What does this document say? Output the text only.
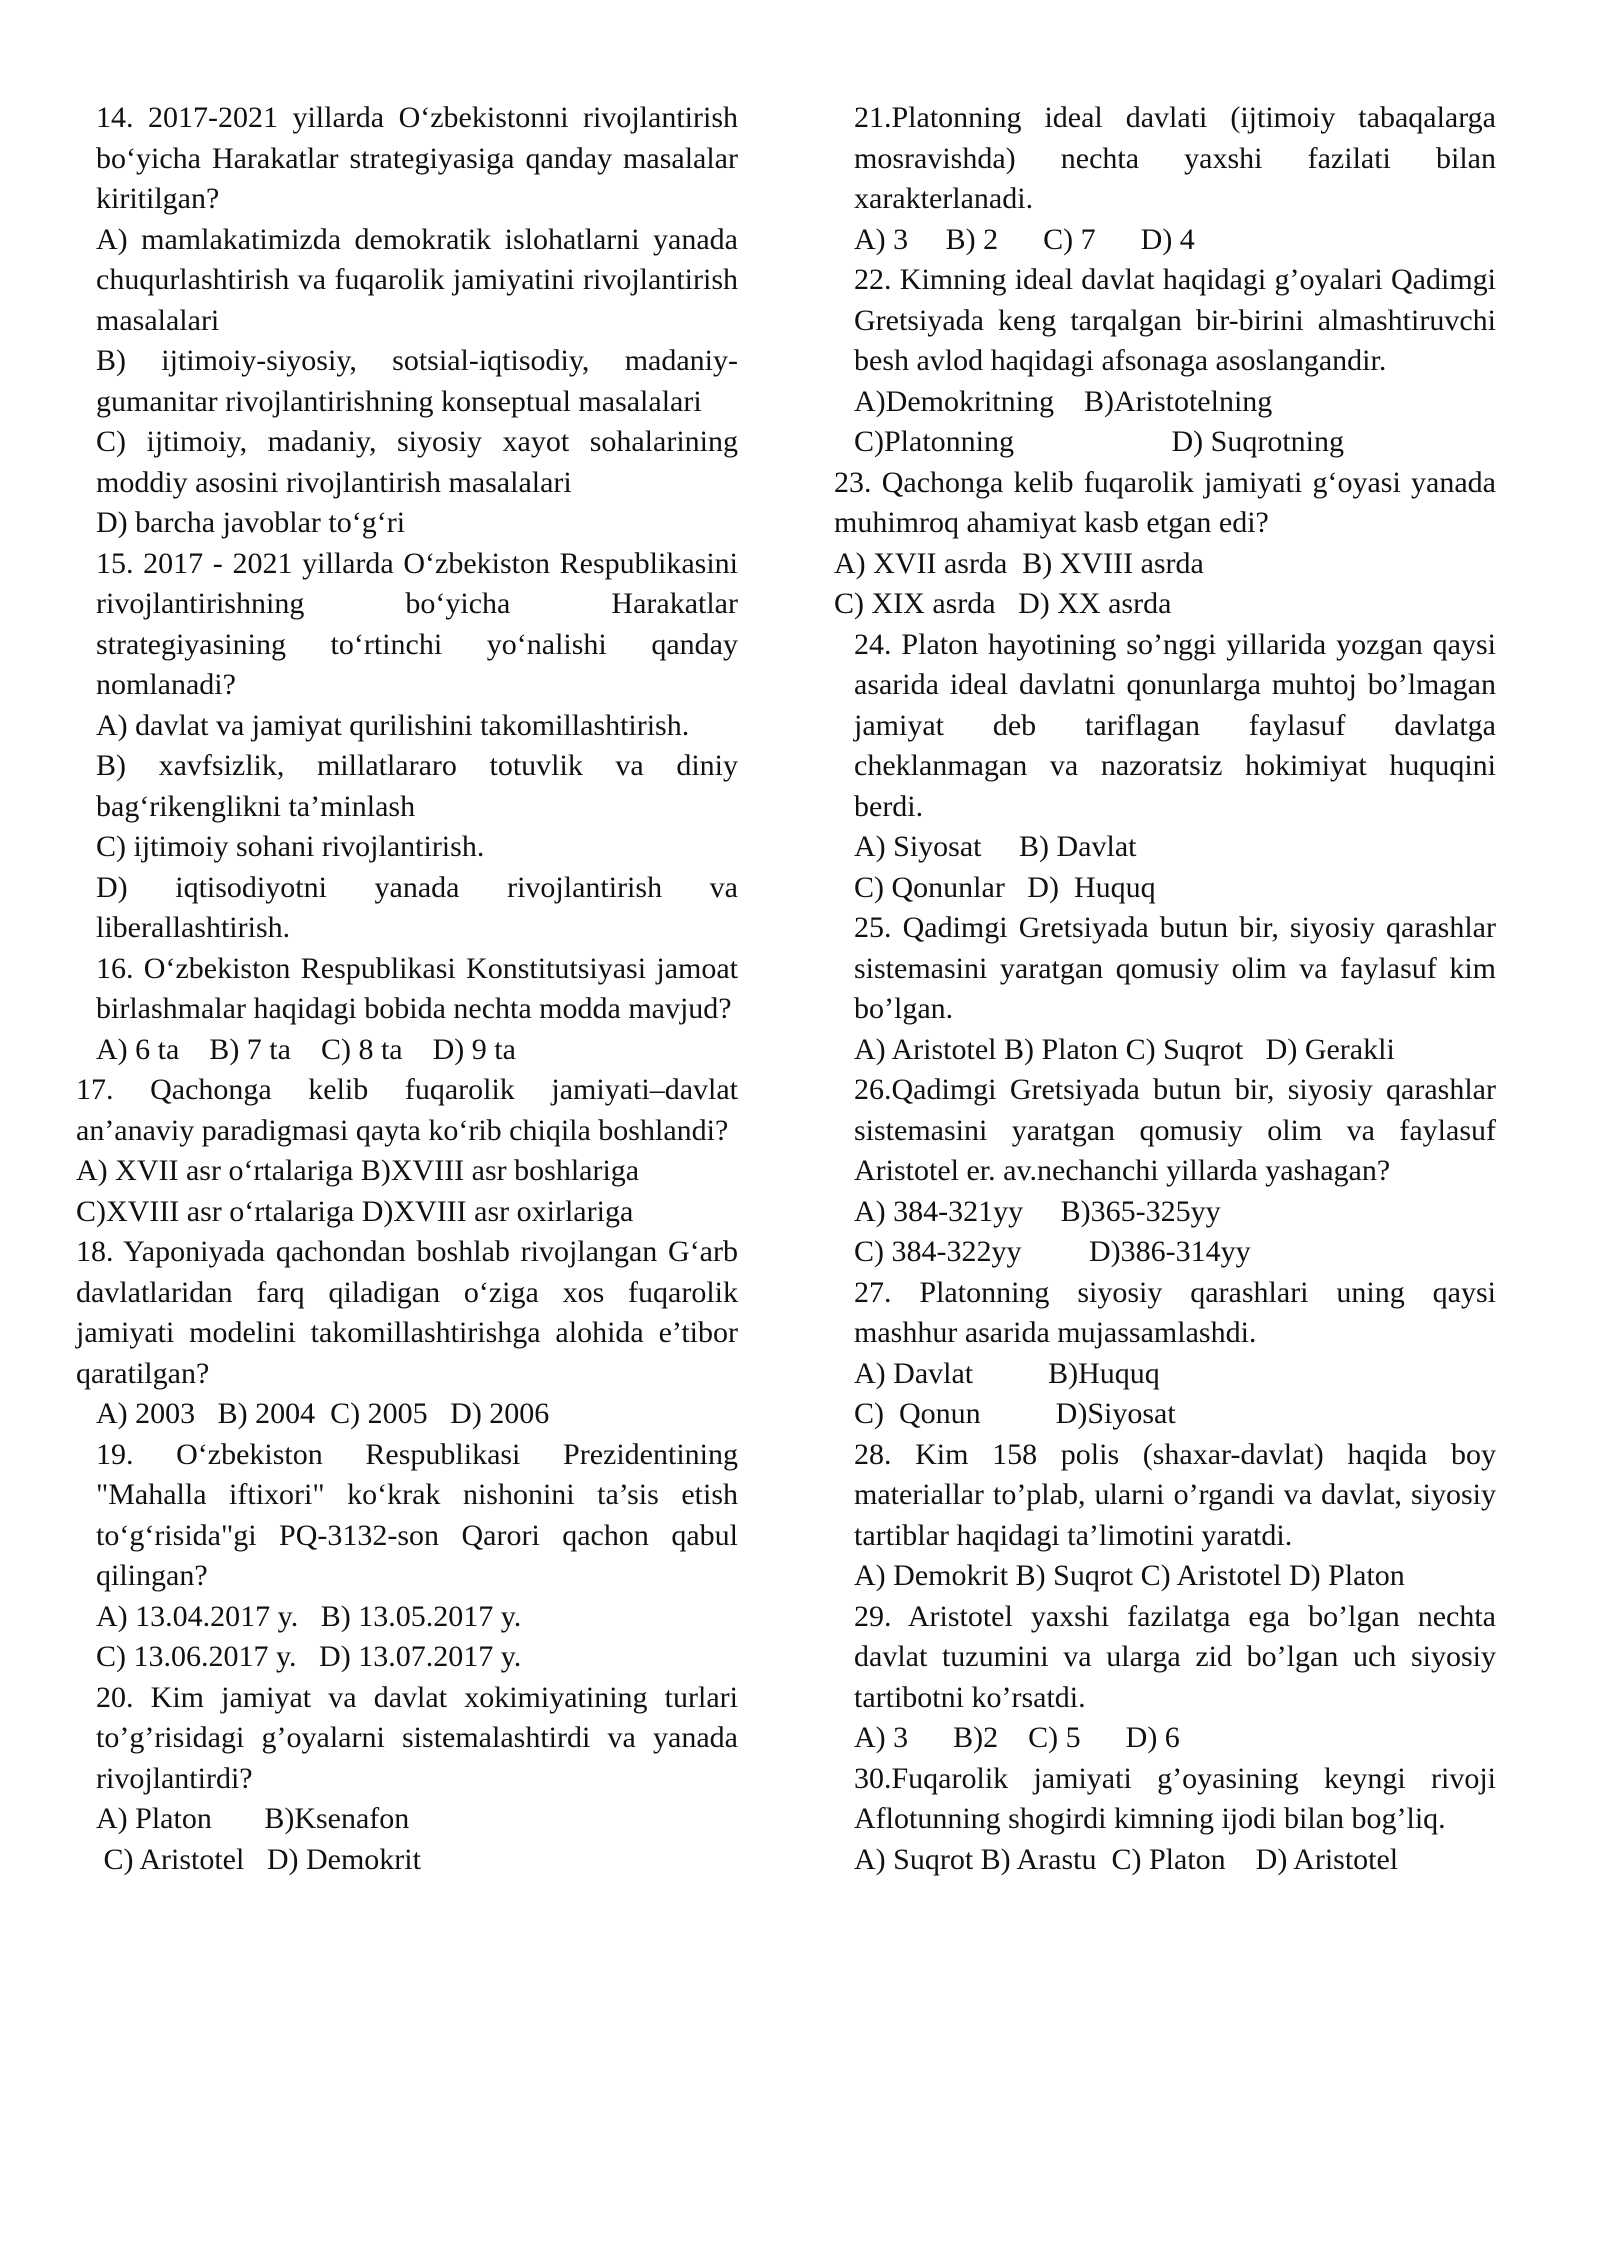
14. 2017-2021 yillarda O‘zbekistonni rivojlantirish bo‘yicha Harakatlar strategiyasiga qanday masalalar kiritilgan?

A) mamlakatimizda demokratik islohatlarni yanada chuqurlashtirish va fuqarolik jamiyatini rivojlantirish masalalari

B) ijtimoiy-siyosiy, sotsial-iqtisodiy, madaniy-gumanitar rivojlantirishning konseptual masalalari

C) ijtimoiy, madaniy, siyosiy xayot sohalarining moddiy asosini rivojlantirish masalalari

D) barcha javoblar to‘g‘ri

15. 2017 - 2021 yillarda O‘zbekiston Respublikasini rivojlantirishning bo‘yicha Harakatlar strategiyasining to‘rtinchi yo‘nalishi qanday nomlanadi?

A) davlat va jamiyat qurilishini takomillashtirish.

B) xavfsizlik, millatlararo totuvlik va diniy bag‘rikenglikni ta’minlash

C) ijtimoiy sohani rivojlantirish.

D) iqtisodiyotni yanada rivojlantirish va liberallashtirish.

16. O‘zbekiston Respublikasi Konstitutsiyasi jamoat birlashmalar haqidagi bobida nechta modda mavjud?

A) 6 ta    B) 7 ta    C) 8 ta    D) 9 ta

17. Qachonga kelib fuqarolik jamiyati–davlat an’anaviy paradigmasi qayta ko‘rib chiqila boshlandi?

A) XVII asr o‘rtalariga B)XVIII asr boshlariga

C)XVIII asr o‘rtalariga D)XVIII asr oxirlariga

18. Yaponiyada qachondan boshlab rivojlangan G‘arb davlatlaridan farq qiladigan o‘ziga xos fuqarolik jamiyati modelini takomillashtirishga alohida e’tibor qaratilgan?

A) 2003   B) 2004  C) 2005   D) 2006

19. O‘zbekiston Respublikasi Prezidentining "Mahalla iftixori" ko‘krak nishonini ta’sis etish to‘g‘risida"gi PQ-3132-son Qarori qachon qabul qilingan?

A) 13.04.2017 y.   B) 13.05.2017 y.

C) 13.06.2017 y.   D) 13.07.2017 y.

20. Kim jamiyat va davlat xokimiyatining turlari to’g’risidagi g’oyalarni sistemalashtirdi va yanada rivojlantirdi?

A) Platon       B)Ksenafon

C) Aristotel   D) Demokrit

21.Platonning ideal davlati (ijtimoiy tabaqalarga mosravishda) nechta yaxshi fazilati bilan xarakterlanadi.

A) 3     B) 2      C) 7      D) 4

22. Kimning ideal davlat haqidagi g’oyalari Qadimgi Gretsiyada keng tarqalgan bir-birini almashtiruvchi besh avlod haqidagi afsonaga asoslangandir.

A)Demokritning    B)Aristotelning

C)Platonning                     D) Suqrotning

23. Qachonga kelib fuqarolik jamiyati g‘oyasi yanada muhimroq ahamiyat kasb etgan edi?

A) XVII asrda  B) XVIII asrda

C) XIX asrda   D) XX asrda

24. Platon hayotining so’nggi yillarida yozgan qaysi asarida ideal davlatni qonunlarga muhtoj bo’lmagan jamiyat deb tariflagan faylasuf davlatga cheklanmagan va nazoratsiz hokimiyat huquqini berdi.

A) Siyosat     B) Davlat

C) Qonunlar   D)  Huquq

25. Qadimgi Gretsiyada butun bir, siyosiy qarashlar sistemasini yaratgan qomusiy olim va faylasuf kim bo’lgan.

A) Aristotel B) Platon C) Suqrot   D) Gerakli

26.Qadimgi Gretsiyada butun bir, siyosiy qarashlar sistemasini yaratgan qomusiy olim va faylasuf Aristotel er. av.nechanchi yillarda yashagan?

A) 384-321yy     B)365-325yy

C) 384-322yy         D)386-314yy

27. Platonning siyosiy qarashlari uning qaysi mashhur asarida mujassamlashdi.

A) Davlat          B)Huquq

C)  Qonun          D)Siyosat

28. Kim 158 polis (shaxar-davlat) haqida boy materiallar to’plab, ularni o’rgandi va davlat, siyosiy tartiblar haqidagi ta’limotini yaratdi.

A) Demokrit B) Suqrot C) Aristotel D) Platon

29. Aristotel yaxshi fazilatga ega bo’lgan nechta davlat tuzumini va ularga zid bo’lgan uch siyosiy tartibotni ko’rsatdi.

A) 3      B)2    C) 5      D) 6

30.Fuqarolik jamiyati g’oyasining keyngi rivoji Aflotunning shogirdi kimning ijodi bilan bog’liq.

A) Suqrot B) Arastu  C) Platon    D) Aristotel
